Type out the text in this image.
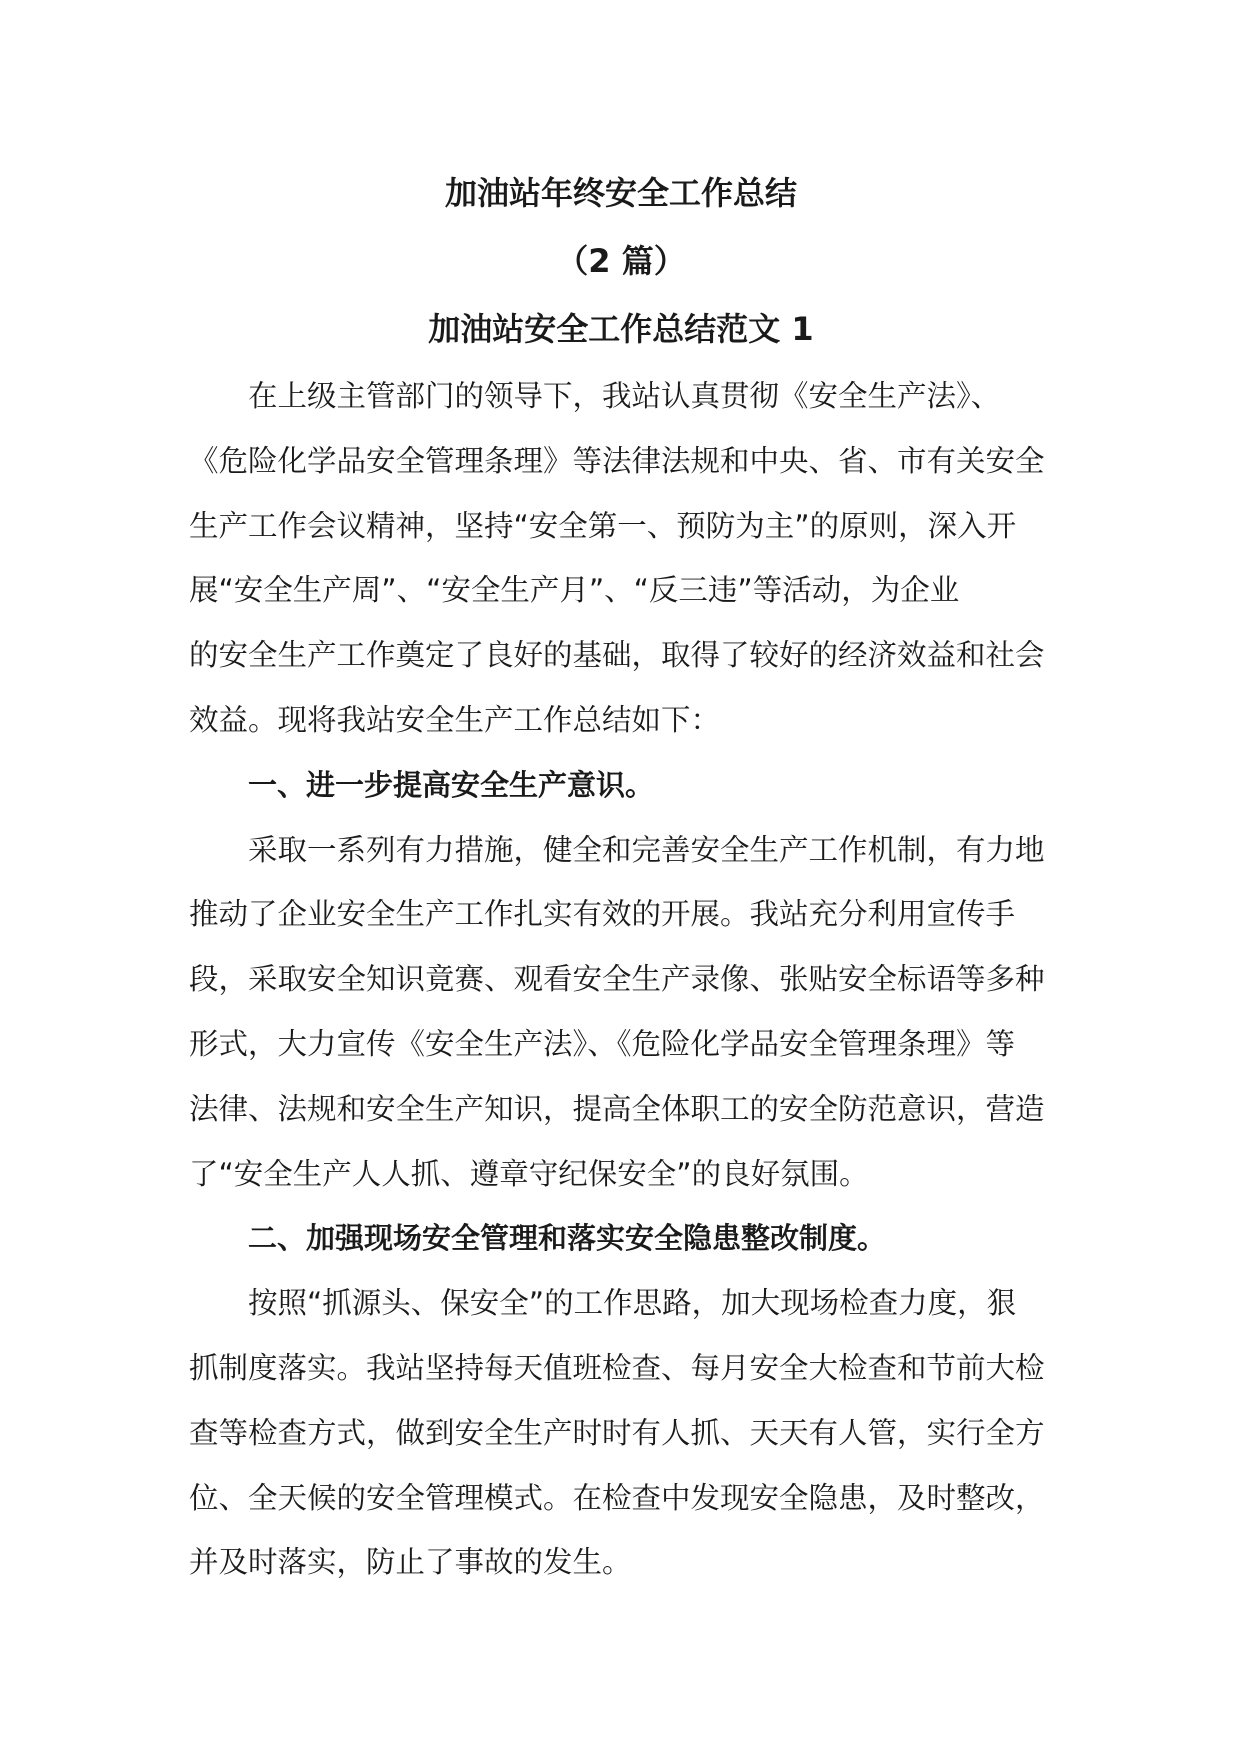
加油站年终安全工作总结
（2 篇）
加油站安全工作总结范文 1
在上级主管部门的领导下，我站认真贯彻《安全生产法》、
《危险化学品安全管理条理》等法律法规和中央、省、市有关安全
生产工作会议精神，坚持“安全第一、预防为主”的原则，深入开
展“安全生产周”、“安全生产月”、“反三违”等活动，为企业
的安全生产工作奠定了良好的基础，取得了较好的经济效益和社会
效益。现将我站安全生产工作总结如下：
一、进一步提高安全生产意识。
采取一系列有力措施，健全和完善安全生产工作机制，有力地
推动了企业安全生产工作扎实有效的开展。我站充分利用宣传手
段，采取安全知识竟赛、观看安全生产录像、张贴安全标语等多种
形式，大力宣传《安全生产法》、《危险化学品安全管理条理》等
法律、法规和安全生产知识，提高全体职工的安全防范意识，营造
了“安全生产人人抓、遵章守纪保安全”的良好氛围。
二、加强现场安全管理和落实安全隐患整改制度。
按照“抓源头、保安全”的工作思路，加大现场检查力度，狠
抓制度落实。我站坚持每天值班检查、每月安全大检查和节前大检
查等检查方式，做到安全生产时时有人抓、天天有人管，实行全方
位、全天候的安全管理模式。在检查中发现安全隐患，及时整改，
并及时落实，防止了事故的发生。
